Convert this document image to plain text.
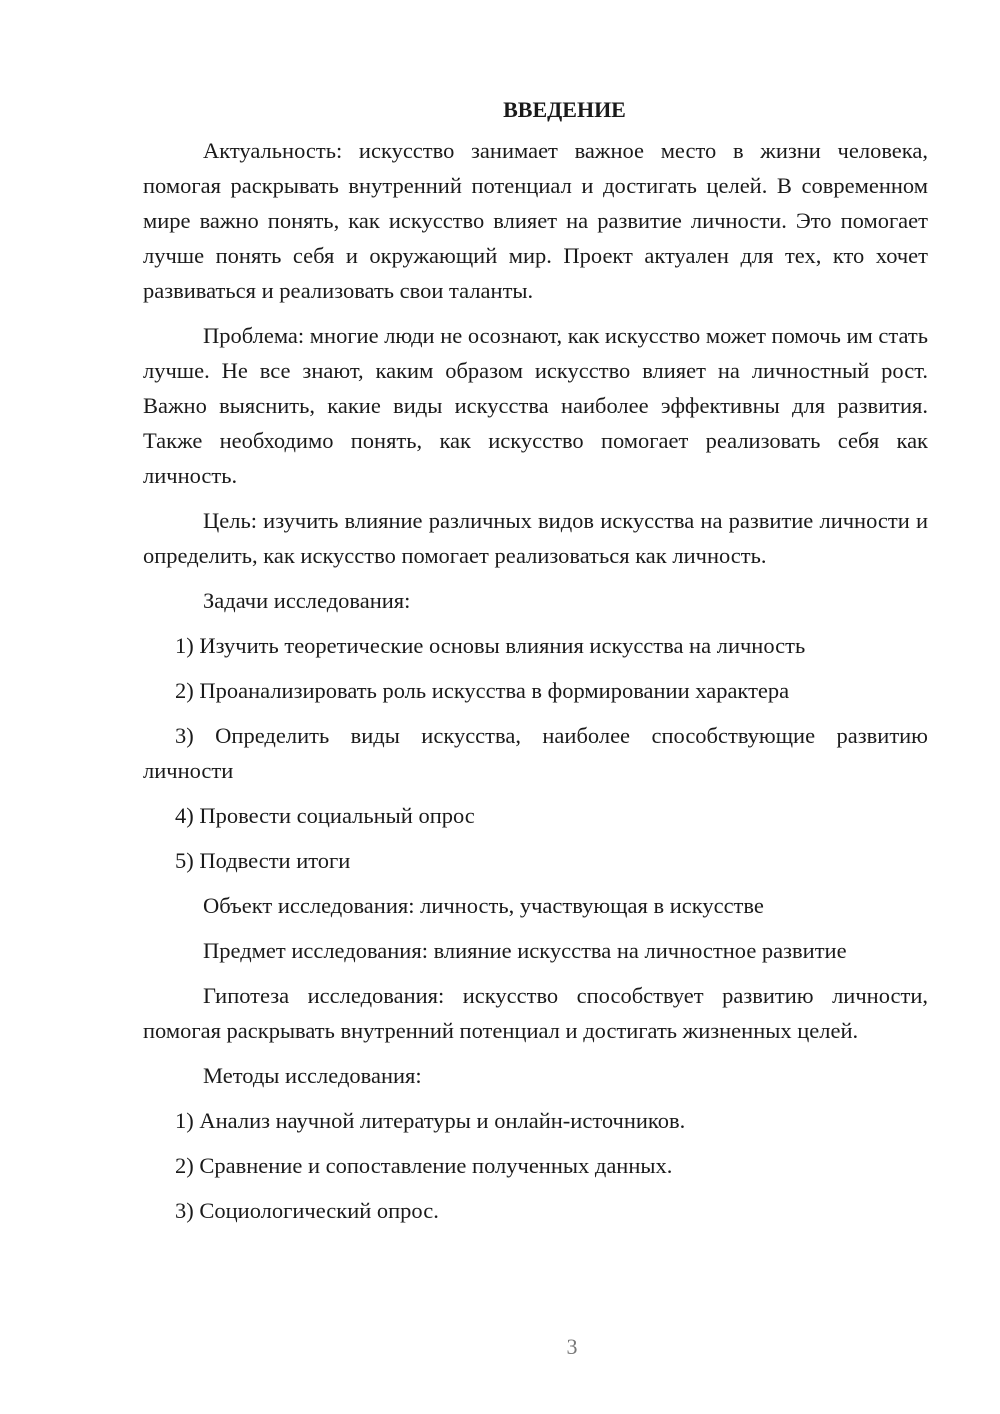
ВВЕДЕНИЕ

Актуальность: искусство занимает важное место в жизни человека, помогая раскрывать внутренний потенциал и достигать целей. В современном мире важно понять, как искусство влияет на развитие личности. Это помогает лучше понять себя и окружающий мир. Проект актуален для тех, кто хочет развиваться и реализовать свои таланты.

Проблема: многие люди не осознают, как искусство может помочь им стать лучше. Не все знают, каким образом искусство влияет на личностный рост. Важно выяснить, какие виды искусства наиболее эффективны для развития. Также необходимо понять, как искусство помогает реализовать себя как личность.

Цель: изучить влияние различных видов искусства на развитие личности и определить, как искусство помогает реализоваться как личность.

Задачи исследования:
1) Изучить теоретические основы влияния искусства на личность
2) Проанализировать роль искусства в формировании характера
3) Определить виды искусства, наиболее способствующие развитию личности
4) Провести социальный опрос
5) Подвести итоги
Объект исследования: личность, участвующая в искусстве
Предмет исследования: влияние искусства на личностное развитие

Гипотеза исследования: искусство способствует развитию личности, помогая раскрывать внутренний потенциал и достигать жизненных целей.

Методы исследования:
1) Анализ научной литературы и онлайн-источников.
2) Сравнение и сопоставление полученных данных.
3) Социологический опрос.
3
